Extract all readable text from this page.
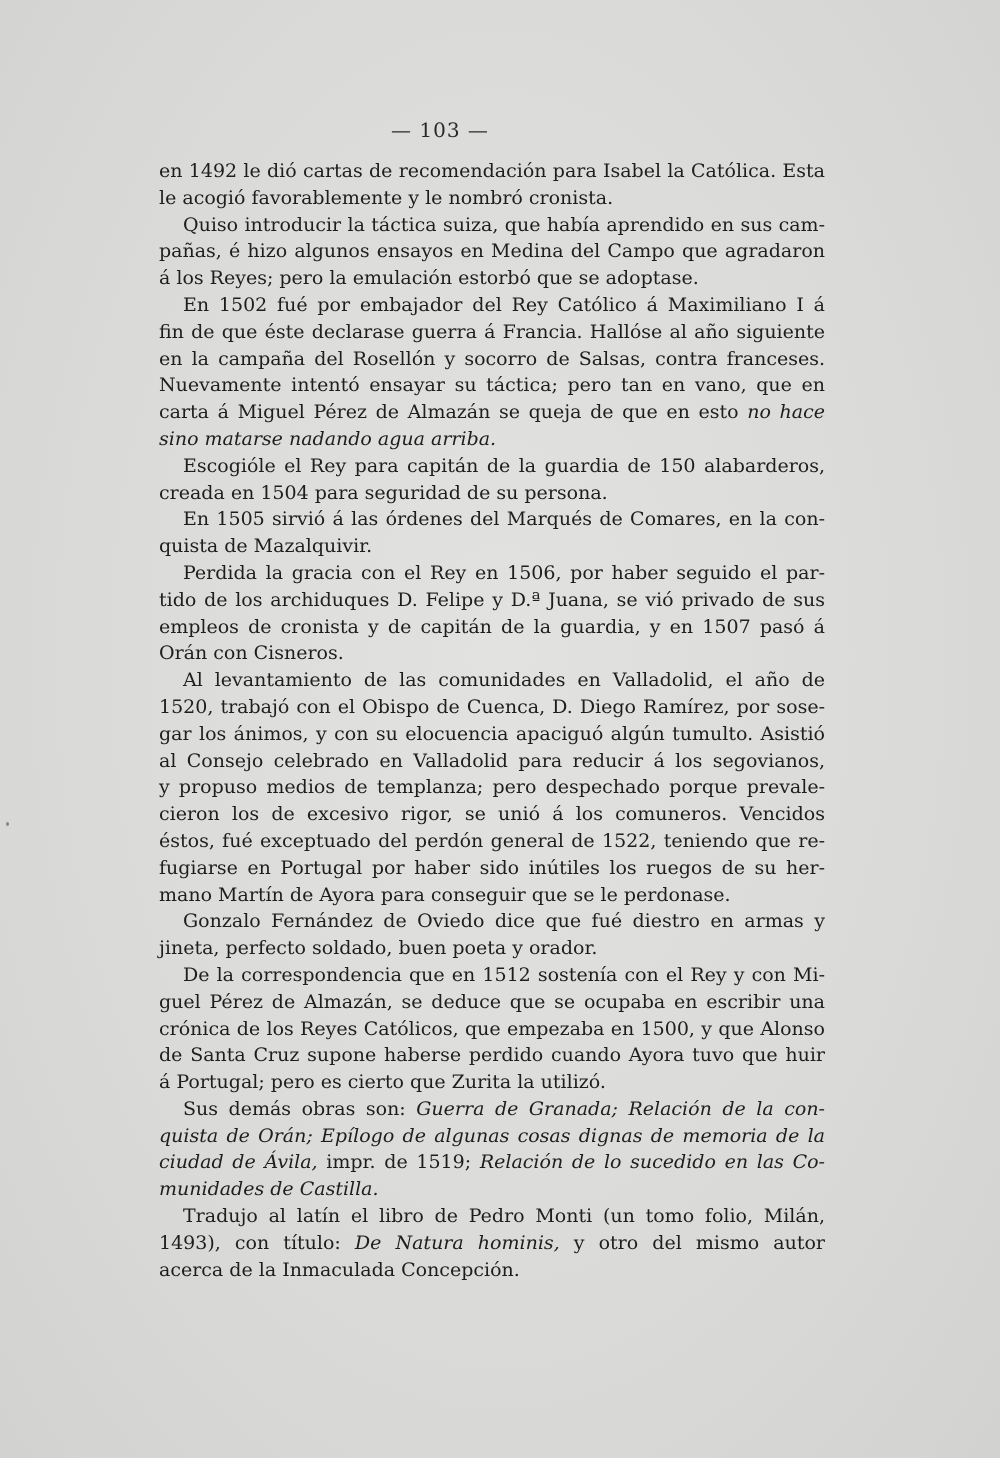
— 103 —
en 1492 le dió cartas de recomendación para Isabel la Católica. Esta
le acogió favorablemente y le nombró cronista.
Quiso introducir la táctica suiza, que había aprendido en sus cam-
pañas, é hizo algunos ensayos en Medina del Campo que agradaron
á los Reyes; pero la emulación estorbó que se adoptase.
En 1502 fué por embajador del Rey Católico á Maximiliano I á
fin de que éste declarase guerra á Francia. Hallóse al año siguiente
en la campaña del Rosellón y socorro de Salsas, contra franceses.
Nuevamente intentó ensayar su táctica; pero tan en vano, que en
carta á Miguel Pérez de Almazán se queja de que en esto no hace
sino matarse nadando agua arriba.
Escogióle el Rey para capitán de la guardia de 150 alabarderos,
creada en 1504 para seguridad de su persona.
En 1505 sirvió á las órdenes del Marqués de Comares, en la con-
quista de Mazalquivir.
Perdida la gracia con el Rey en 1506, por haber seguido el par-
tido de los archiduques D. Felipe y D.ª Juana, se vió privado de sus
empleos de cronista y de capitán de la guardia, y en 1507 pasó á
Orán con Cisneros.
Al levantamiento de las comunidades en Valladolid, el año de
1520, trabajó con el Obispo de Cuenca, D. Diego Ramírez, por sose-
gar los ánimos, y con su elocuencia apaciguó algún tumulto. Asistió
al Consejo celebrado en Valladolid para reducir á los segovianos,
y propuso medios de templanza; pero despechado porque prevale-
cieron los de excesivo rigor, se unió á los comuneros. Vencidos
éstos, fué exceptuado del perdón general de 1522, teniendo que re-
fugiarse en Portugal por haber sido inútiles los ruegos de su her-
mano Martín de Ayora para conseguir que se le perdonase.
Gonzalo Fernández de Oviedo dice que fué diestro en armas y
jineta, perfecto soldado, buen poeta y orador.
De la correspondencia que en 1512 sostenía con el Rey y con Mi-
guel Pérez de Almazán, se deduce que se ocupaba en escribir una
crónica de los Reyes Católicos, que empezaba en 1500, y que Alonso
de Santa Cruz supone haberse perdido cuando Ayora tuvo que huir
á Portugal; pero es cierto que Zurita la utilizó.
Sus demás obras son: Guerra de Granada; Relación de la con-
quista de Orán; Epílogo de algunas cosas dignas de memoria de la
ciudad de Ávila, impr. de 1519; Relación de lo sucedido en las Co-
munidades de Castilla.
Tradujo al latín el libro de Pedro Monti (un tomo folio, Milán,
1493), con título: De Natura hominis, y otro del mismo autor
acerca de la Inmaculada Concepción.
